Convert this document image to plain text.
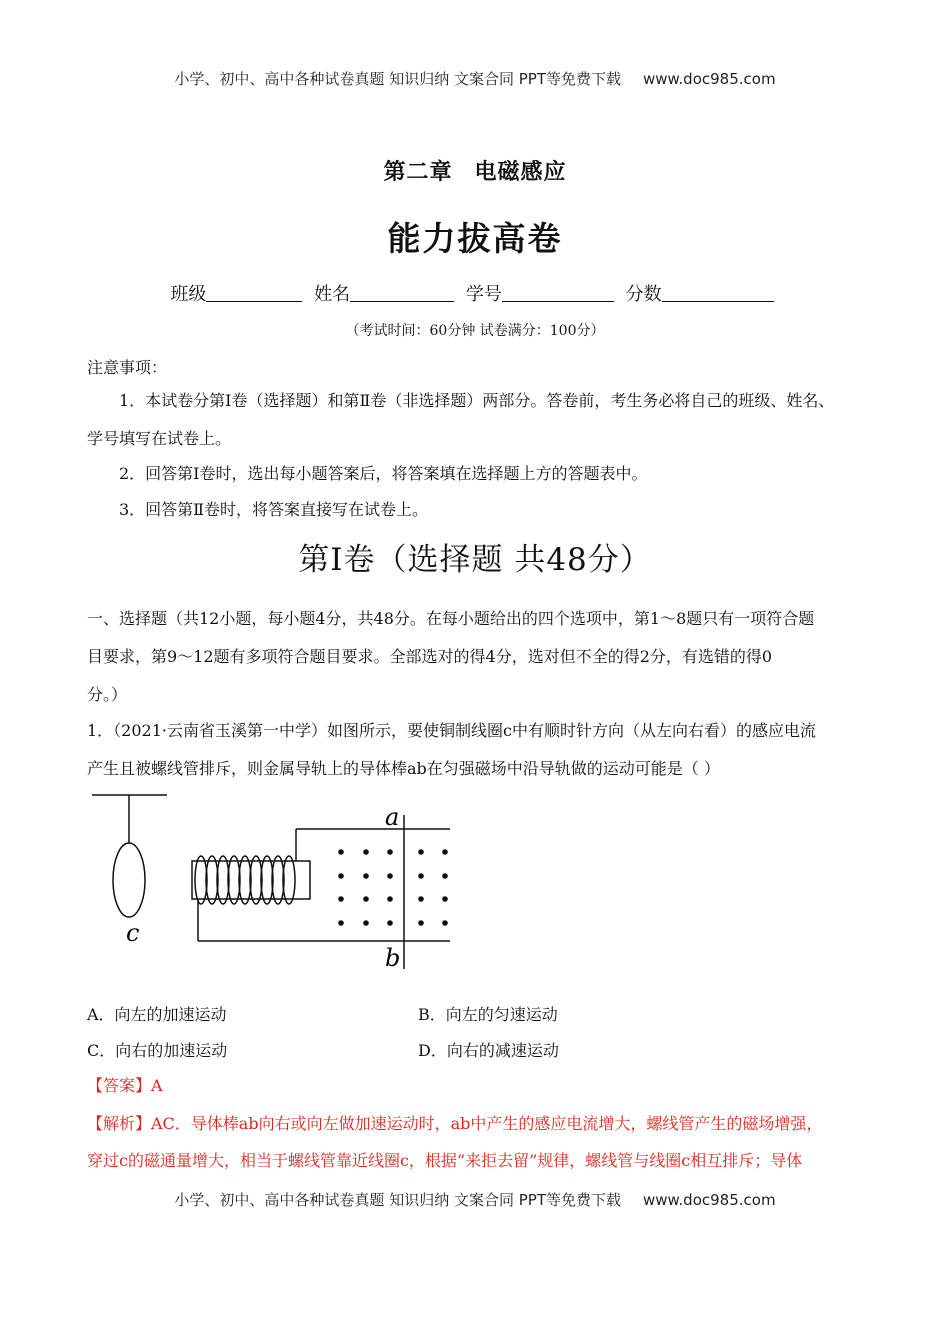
小学、初中、高中各种试卷真题 知识归纳 文案合同 PPT等免费下载 www.doc985.com
第二章 电磁感应
能力拔高卷
班级	姓名	学号	分数
（考试时间：60分钟 试卷满分：100分）
注意事项：
1．本试卷分第Ⅰ卷（选择题）和第Ⅱ卷（非选择题）两部分。答卷前，考生务必将自己的班级、姓名、
学号填写在试卷上。
2．回答第Ⅰ卷时，选出每小题答案后，将答案填在选择题上方的答题表中。
3．回答第Ⅱ卷时，将答案直接写在试卷上。
第Ⅰ卷（选择题 共48分）
一、选择题（共12小题，每小题4分，共48分。在每小题给出的四个选项中，第1～8题只有一项符合题
目要求，第9～12题有多项符合题目要求。全部选对的得4分，选对但不全的得2分，有选错的得0
分。）
1．（2021·云南省玉溪第一中学）如图所示，要使铜制线圈c中有顺时针方向（从左向右看）的感应电流
产生且被螺线管排斥，则金属导轨上的导体棒ab在匀强磁场中沿导轨做的运动可能是（ ）
c
a
b
A．向左的加速运动	B．向左的匀速运动
C．向右的加速运动	D．向右的减速运动
【答案】A
【解析】AC．导体棒ab向右或向左做加速运动时，ab中产生的感应电流增大，螺线管产生的磁场增强，
穿过c的磁通量增大，相当于螺线管靠近线圈c，根据“来拒去留”规律，螺线管与线圈c相互排斥；导体
小学、初中、高中各种试卷真题 知识归纳 文案合同 PPT等免费下载 www.doc985.com
